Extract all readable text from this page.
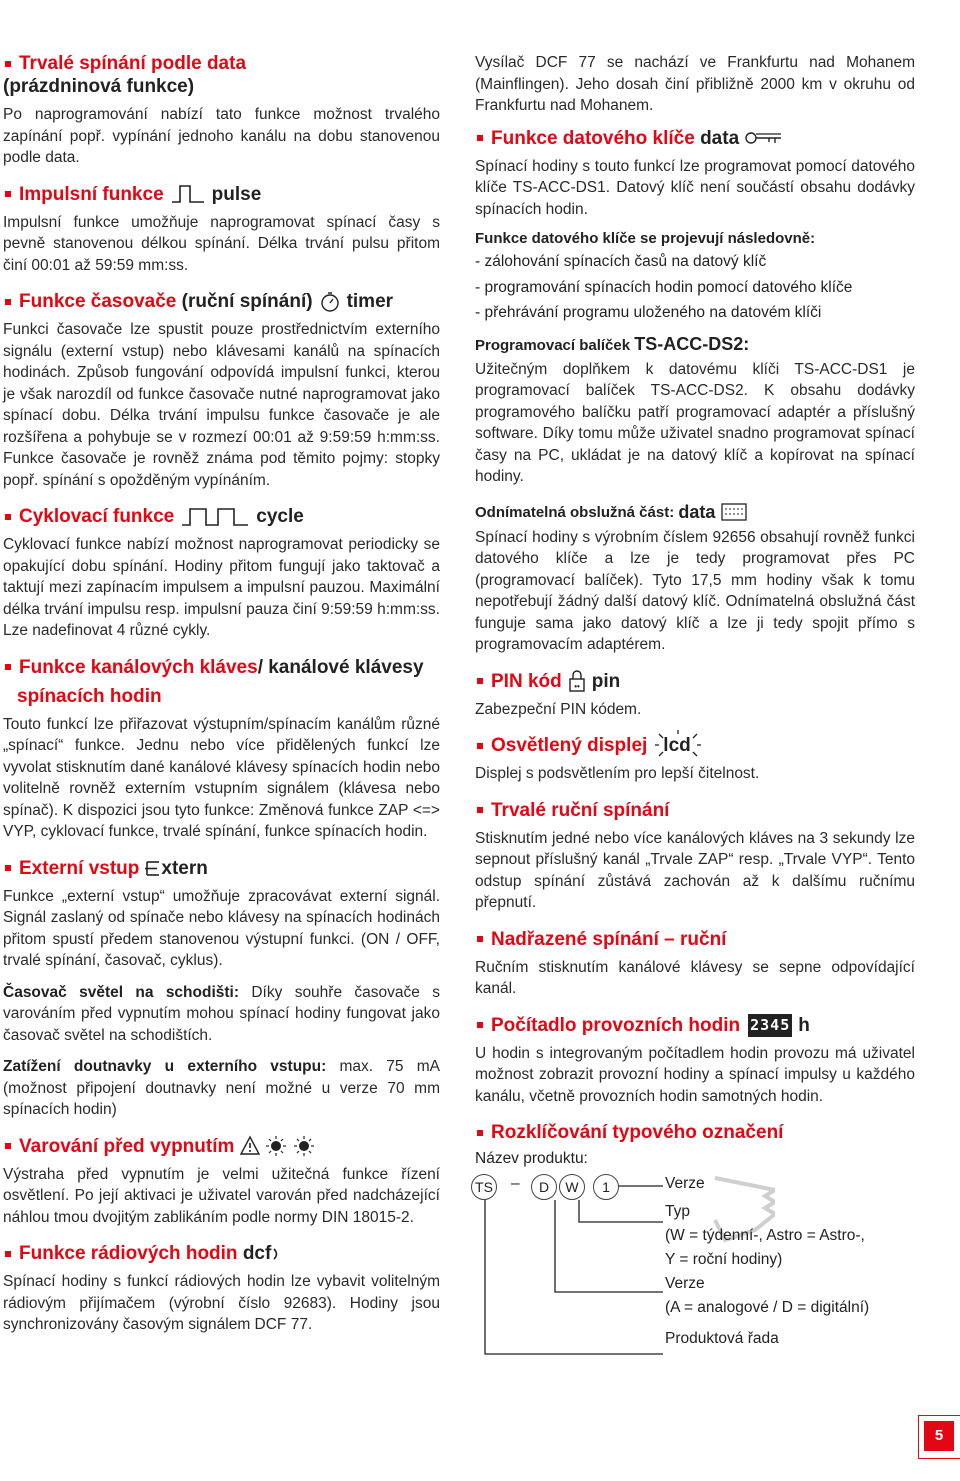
Trvalé spínání podle data

(prázdninová funkce)
Po naprogramování nabízí tato funkce možnost trvalého zapínání popř. vypínání jednoho kanálu na dobu stanovenou podle data.
Impulsní funkce	pulse
Impulsní funkce umožňuje naprogramovat spínací časy s pevně stanovenou délkou spínání. Délka trvání pulsu přitom činí 00:01 až 59:59 mm:ss.
Funkce časovače
(ruční spínání) timer
Funkci časovače lze spustit pouze prostřednictvím externího signálu (externí vstup) nebo klávesami kanálů na spínacích hodinách. Způsob fungování odpovídá impulsní funkci, kterou je však narozdíl od funkce časovače nutné naprogramovat jako spínací dobu. Délka trvání impulsu funkce časovače je ale rozšířena a pohybuje se v rozmezí 00:01 až 9:59:59 h:mm:ss. Funkce časovače je rovněž známa pod těmito pojmy: stopky popř. spínání s opožděným vypínáním.
Cyklovací funkce	cycle
Cyklovací funkce nabízí možnost naprogramovat periodicky se opakující dobu spínání. Hodiny přitom fungují jako taktovač a taktují mezi zapínacím impulsem a impulsní pauzou. Maximální délka trvání impulsu resp. impulsní pauza činí 9:59:59 h:mm:ss. Lze nadefinovat 4 různé cykly.
Funkce kanálových kláves / kanálové klávesy
spínacích hodin
Touto funkcí lze přiřazovat výstupním/spínacím kanálům různé „spínací“ funkce. Jednu nebo více přidělených funkcí lze vyvolat stisknutím dané kanálové klávesy spínacích hodin nebo volitelně rovněž externím vstupním signálem (klávesa nebo spínač). K dispozici jsou tyto funkce: Změnová funkce ZAP <=> VYP, cyklovací funkce, trvalé spínání, funkce spínacích hodin.
Externí vstup xtern
Funkce „externí vstup“ umožňuje zpracovávat externí signál. Signál zaslaný od spínače nebo klávesy na spínacích hodinách přitom spustí předem stanovenou výstupní funkci. (ON / OFF, trvalé spínání, časovač, cyklus).
Časovač světel na schodišti: Díky souhře časovače s varováním před vypnutím mohou spínací hodiny fungovat jako časovač světel na schodištích.
Zatížení doutnavky u externího vstupu: max. 75 mA (možnost připojení doutnavky není možné u verze 70 mm spínacích hodin)
Varování před vypnutím
Výstraha před vypnutím je velmi užitečná funkce řízení osvětlení. Po její aktivaci je uživatel varován před nadcházející náhlou tmou dvojitým zablikáním podle normy DIN 18015-2.
Funkce rádiových hodin
dcf
Spínací hodiny s funkcí rádiových hodin lze vybavit volitelným rádiovým přijímačem (výrobní číslo 92683). Hodiny jsou synchronizovány časovým signálem DCF 77.
Vysílač DCF 77 se nachází ve Frankfurtu nad Mohanem (Mainflingen). Jeho dosah činí přibližně 2000 km v okruhu od Frankfurtu nad Mohanem.
Funkce datového klíče
data
Spínací hodiny s touto funkcí lze programovat pomocí datového klíče TS-ACC-DS1. Datový klíč není součástí obsahu dodávky spínacích hodin.
Funkce datového klíče se projevují následovně:
- zálohování spínacích časů na datový klíč
- programování spínacích hodin pomocí datového klíče
- přehrávání programu uloženého na datovém klíči
Programovací balíček TS-ACC-DS2:
Užitečným doplňkem k datovému klíči TS-ACC-DS1 je programovací balíček TS-ACC-DS2. K obsahu dodávky programového balíčku patří programovací adaptér a příslušný software. Díky tomu může uživatel snadno programovat spínací časy na PC, ukládat je na datový klíč a kopírovat na spínací hodiny.
Odnímatelná obslužná část:
data
Spínací hodiny s výrobním číslem 92656 obsahují rovněž funkci datového klíče a lze je tedy programovat přes PC (programovací balíček). Tyto 17,5 mm hodiny však k tomu nepotřebují žádný další datový klíč. Odnímatelná obslužná část funguje sama jako datový klíč a lze ji tedy spojit přímo s programovacím adaptérem.
PIN kód •• pin
Zabezpeční PIN kódem.
Osvětlený displej lcd
Displej s podsvětlením pro lepší čitelnost.
Trvalé ruční spínání
Stisknutím jedné nebo více kanálových kláves na 3 sekundy lze sepnout příslušný kanál „Trvale ZAP“ resp. „Trvale VYP“. Tento odstup spínání zůstává zachován až k dalšímu ručnímu přepnutí.
Nadřazené spínání – ruční
Ručním stisknutím kanálové klávesy se sepne odpovídající kanál.
Počítadlo provozních hodin 2345 h
U hodin s integrovaným počítadlem hodin provozu má uživatel možnost zobrazit provozní hodiny a spínací impulsy u každého kanálu, včetně provozních hodin samotných hodin.
Rozklíčování typového označení
Název produktu:
TS –	D	W	1	Verze
Typ
(W = týdenní-, Astro = Astro-,
Y = roční hodiny)
Verze
(A = analogové / D = digitální)
Produktová řada
5
